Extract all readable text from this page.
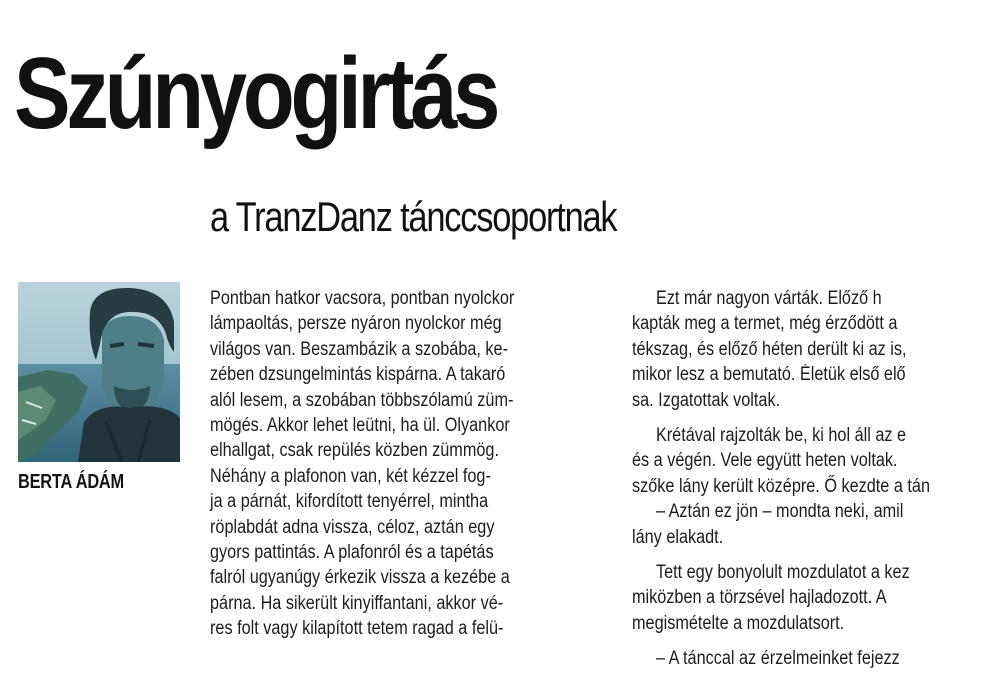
Szúnyogirtás
a TranzDanz tánccsoportnak
BERTA ÁDÁM
Pontban hatkor vacsora, pontban nyolckor
lámpaoltás, persze nyáron nyolckor még
világos van. Beszambázik a szobába, ke-
zében dzsungelmintás kispárna. A takaró
alól lesem, a szobában többszólamú züm-
mögés. Akkor lehet leütni, ha ül. Olyankor
elhallgat, csak repülés közben zümmög.
Néhány a plafonon van, két kézzel fog-
ja a párnát, kifordított tenyérrel, mintha
röplabdát adna vissza, céloz, aztán egy
gyors pattintás. A plafonról és a tapétás
falról ugyanúgy érkezik vissza a kezébe a
párna. Ha sikerült kinyiffantani, akkor vé-
res folt vagy kilapított tetem ragad a felü-
Ezt már nagyon várták. Előző h
kapták meg a termet, még érződött a
tékszag, és előző héten derült ki az is,
mikor lesz a bemutató. Életük első elő
sa. Izgatottak voltak.
Krétával rajzolták be, ki hol áll az e
és a végén. Vele együtt heten voltak.
szőke lány került középre. Ő kezdte a tán
– Aztán ez jön – mondta neki, amil
lány elakadt.
Tett egy bonyolult mozdulatot a kez
miközben a törzsével hajladozott. A
megismételte a mozdulatsort.
– A tánccal az érzelmeinket fejezz
